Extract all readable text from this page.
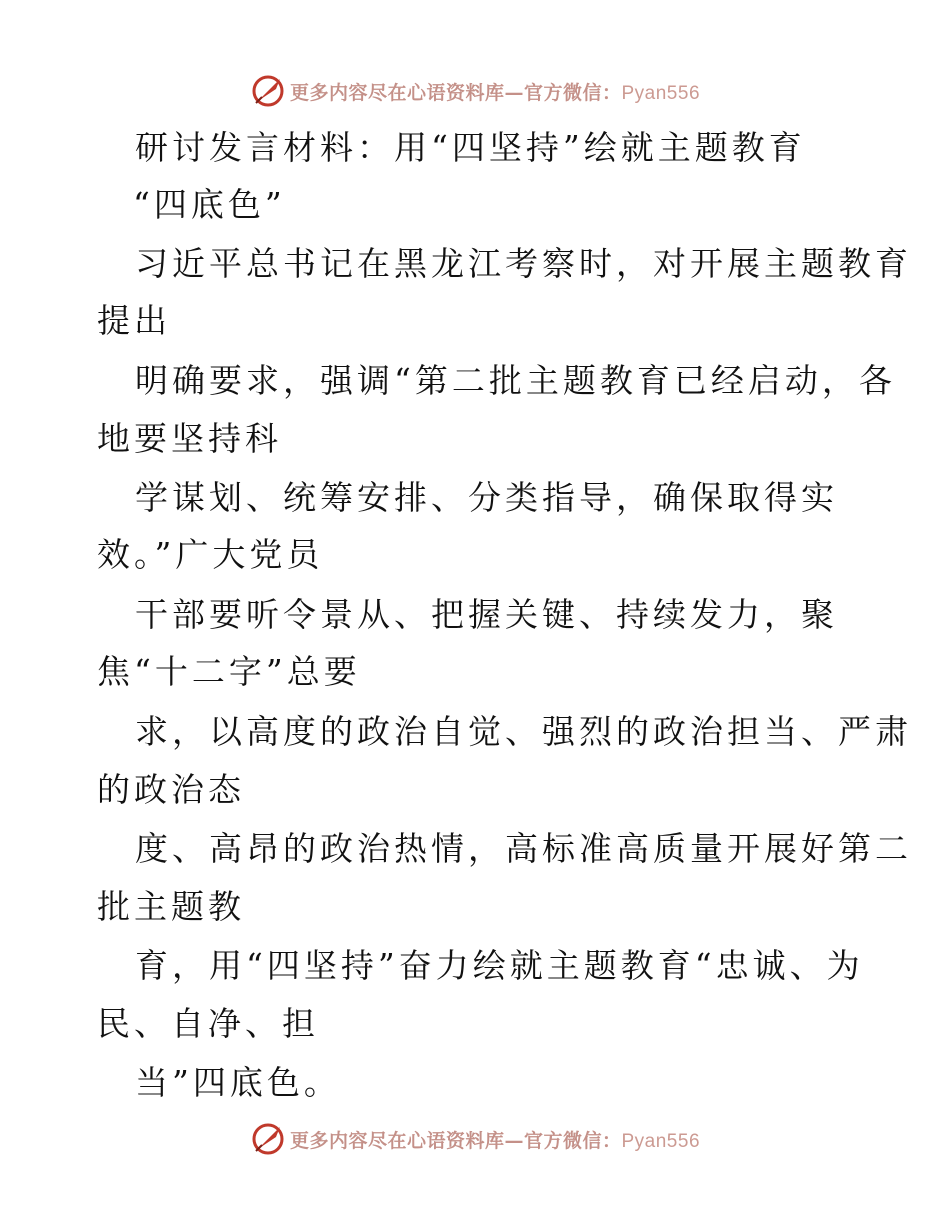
更多内容尽在心语资料库—官方微信：Pyan556
研讨发言材料：用“四坚持”绘就主题教育
“四底色”
习近平总书记在黑龙江考察时，对开展主题教育
提出
明确要求，强调“第二批主题教育已经启动，各
地要坚持科
学谋划、统筹安排、分类指导，确保取得实
效。”广大党员
干部要听令景从、把握关键、持续发力，聚
焦“十二字”总要
求，以高度的政治自觉、强烈的政治担当、严肃
的政治态
度、高昂的政治热情，高标准高质量开展好第二
批主题教
育，用“四坚持”奋力绘就主题教育“忠诚、为
民、自净、担
当”四底色。
更多内容尽在心语资料库—官方微信：Pyan556
